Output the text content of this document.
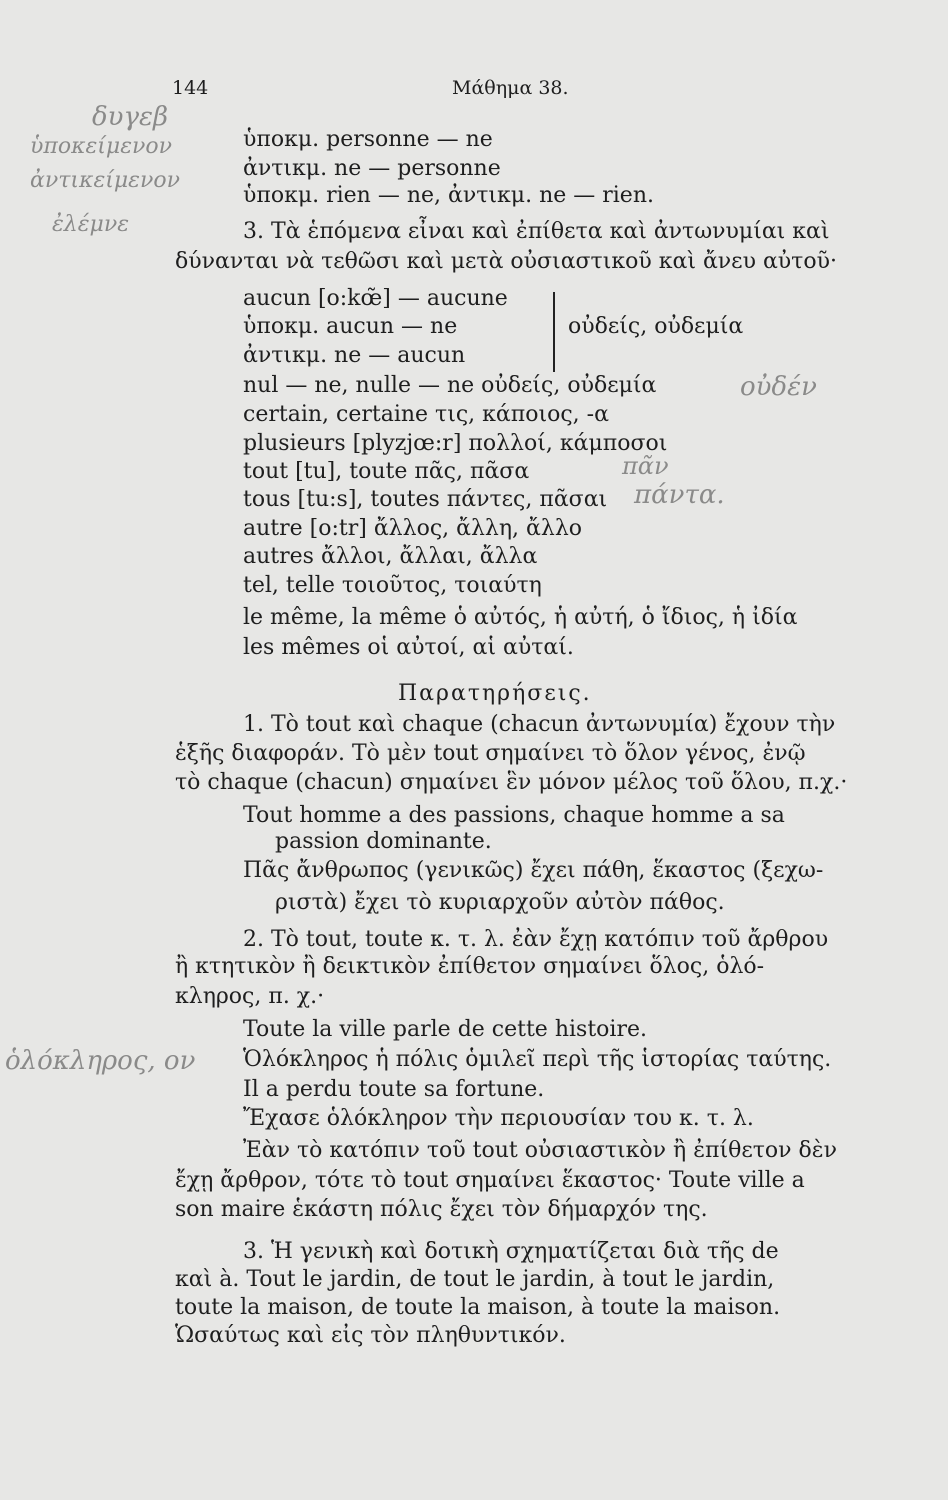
144	Μάθημα 38.
δυγεβ
ὑποκείμενον
ἀντικείμενον
ἐλέμνε
οὐδέν
πᾶν
πάντα.
ὁλόκληρος, ον
ὑποκμ. personne — ne
ἀντικμ. ne — personne
ὑποκμ. rien — ne, ἀντικμ. ne — rien.
3. Τὰ ἑπόμενα εἶναι καὶ ἐπίθετα καὶ ἀντωνυμίαι καὶ
δύνανται νὰ τεθῶσι καὶ μετὰ οὐσιαστικοῦ καὶ ἄνευ αὐτοῦ·
aucun [o:kœ̃] — aucune
ὑποκμ. aucun — ne	οὐδείς, οὐδεμία
ἀντικμ. ne — aucun
nul — ne, nulle — ne οὐδείς, οὐδεμία
certain, certaine τις, κάποιος, -α
plusieurs [plyzjœ:r] πολλοί, κάμποσοι
tout [tu], toute πᾶς, πᾶσα
tous [tu:s], toutes πάντες, πᾶσαι
autre [o:tr] ἄλλος, ἄλλη, ἄλλο
autres ἄλλοι, ἄλλαι, ἄλλα
tel, telle τοιοῦτος, τοιαύτη
le même, la même ὁ αὐτός, ἡ αὐτή, ὁ ἴδιος, ἡ ἰδία
les mêmes οἱ αὐτοί, αἱ αὐταί.
Παρατηρήσεις.
1. Τὸ tout καὶ chaque (chacun ἀντωνυμία) ἔχουν τὴν
ἑξῆς διαφοράν. Τὸ μὲν tout σημαίνει τὸ ὅλον γένος, ἐνῷ
τὸ chaque (chacun) σημαίνει ἓν μόνον μέλος τοῦ ὅλου, π.χ.·
Tout homme a des passions, chaque homme a sa
passion dominante.
Πᾶς ἄνθρωπος (γενικῶς) ἔχει πάθη, ἕκαστος (ξεχω-
ριστὰ) ἔχει τὸ κυριαρχοῦν αὐτὸν πάθος.
2. Τὸ tout, toute κ. τ. λ. ἐὰν ἔχῃ κατόπιν τοῦ ἄρθρου
ἢ κτητικὸν ἢ δεικτικὸν ἐπίθετον σημαίνει ὅλος, ὁλό-
κληρος, π. χ.·
Toute la ville parle de cette histoire.
Ὁλόκληρος ἡ πόλις ὁμιλεῖ περὶ τῆς ἱστορίας ταύτης.
Il a perdu toute sa fortune.
Ἔχασε ὁλόκληρον τὴν περιουσίαν του κ. τ. λ.
Ἐὰν τὸ κατόπιν τοῦ tout οὐσιαστικὸν ἢ ἐπίθετον δὲν
ἔχῃ ἄρθρον, τότε τὸ tout σημαίνει ἕκαστος· Toute ville a
son maire ἑκάστη πόλις ἔχει τὸν δήμαρχόν της.
3. Ἡ γενικὴ καὶ δοτικὴ σχηματίζεται διὰ τῆς de
καὶ à. Tout le jardin, de tout le jardin, à tout le jardin,
toute la maison, de toute la maison, à toute la maison.
Ὡσαύτως καὶ εἰς τὸν πληθυντικόν.
